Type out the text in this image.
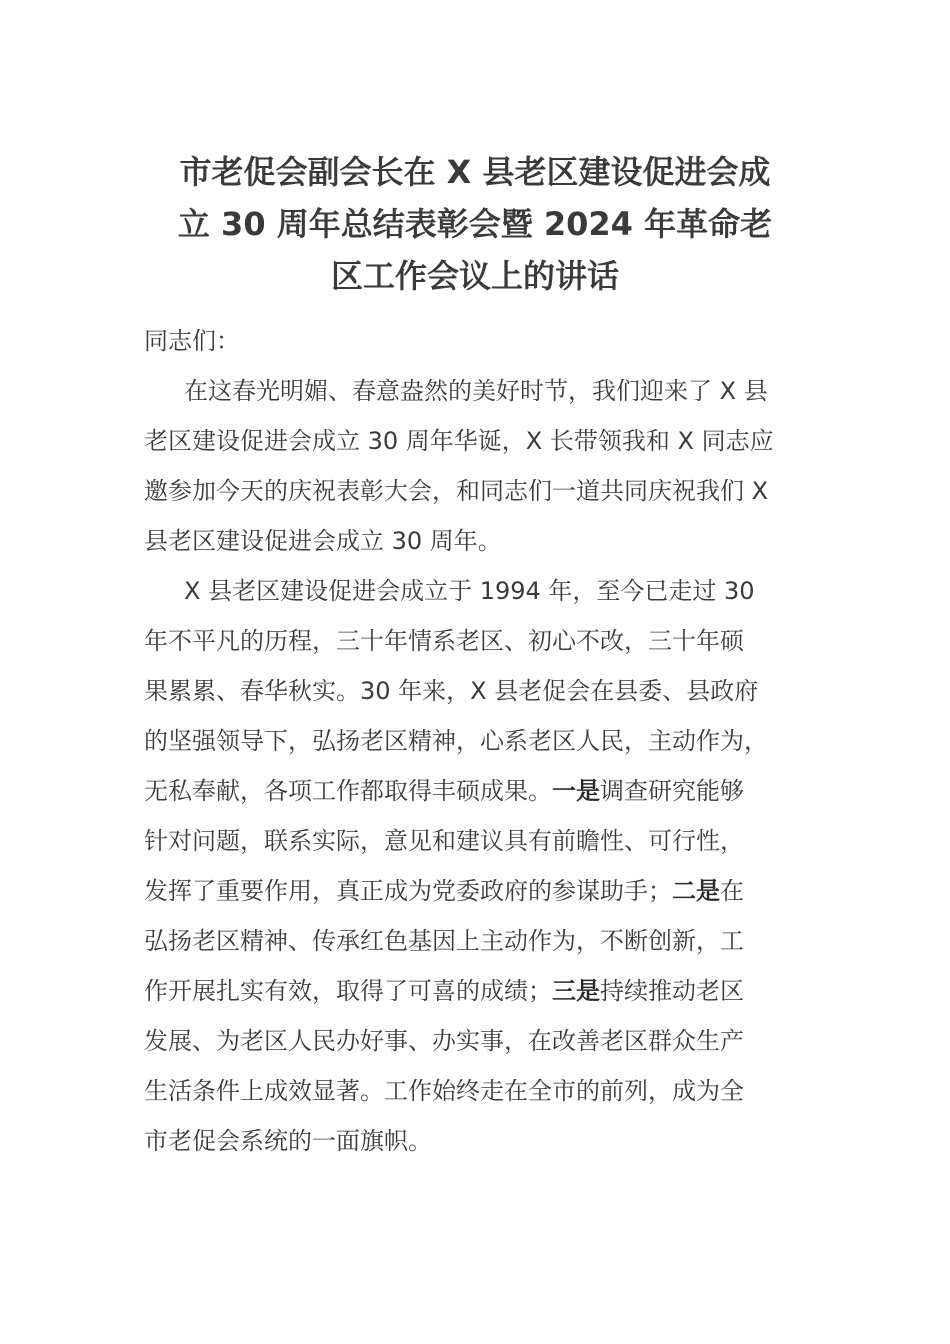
市老促会副会长在 X 县老区建设促进会成
立 30 周年总结表彰会暨 2024 年革命老
区工作会议上的讲话
同志们：
在这春光明媚、春意盎然的美好时节，我们迎来了 X 县
老区建设促进会成立 30 周年华诞，X 长带领我和 X 同志应
邀参加今天的庆祝表彰大会，和同志们一道共同庆祝我们 X
县老区建设促进会成立 30 周年。
X 县老区建设促进会成立于 1994 年，至今已走过 30
年不平凡的历程，三十年情系老区、初心不改，三十年硕
果累累、春华秋实。30 年来，X 县老促会在县委、县政府
的坚强领导下，弘扬老区精神，心系老区人民，主动作为，
无私奉献，各项工作都取得丰硕成果。一是调查研究能够
针对问题，联系实际，意见和建议具有前瞻性、可行性，
发挥了重要作用，真正成为党委政府的参谋助手；二是在
弘扬老区精神、传承红色基因上主动作为，不断创新，工
作开展扎实有效，取得了可喜的成绩；三是持续推动老区
发展、为老区人民办好事、办实事，在改善老区群众生产
生活条件上成效显著。工作始终走在全市的前列，成为全
市老促会系统的一面旗帜。
